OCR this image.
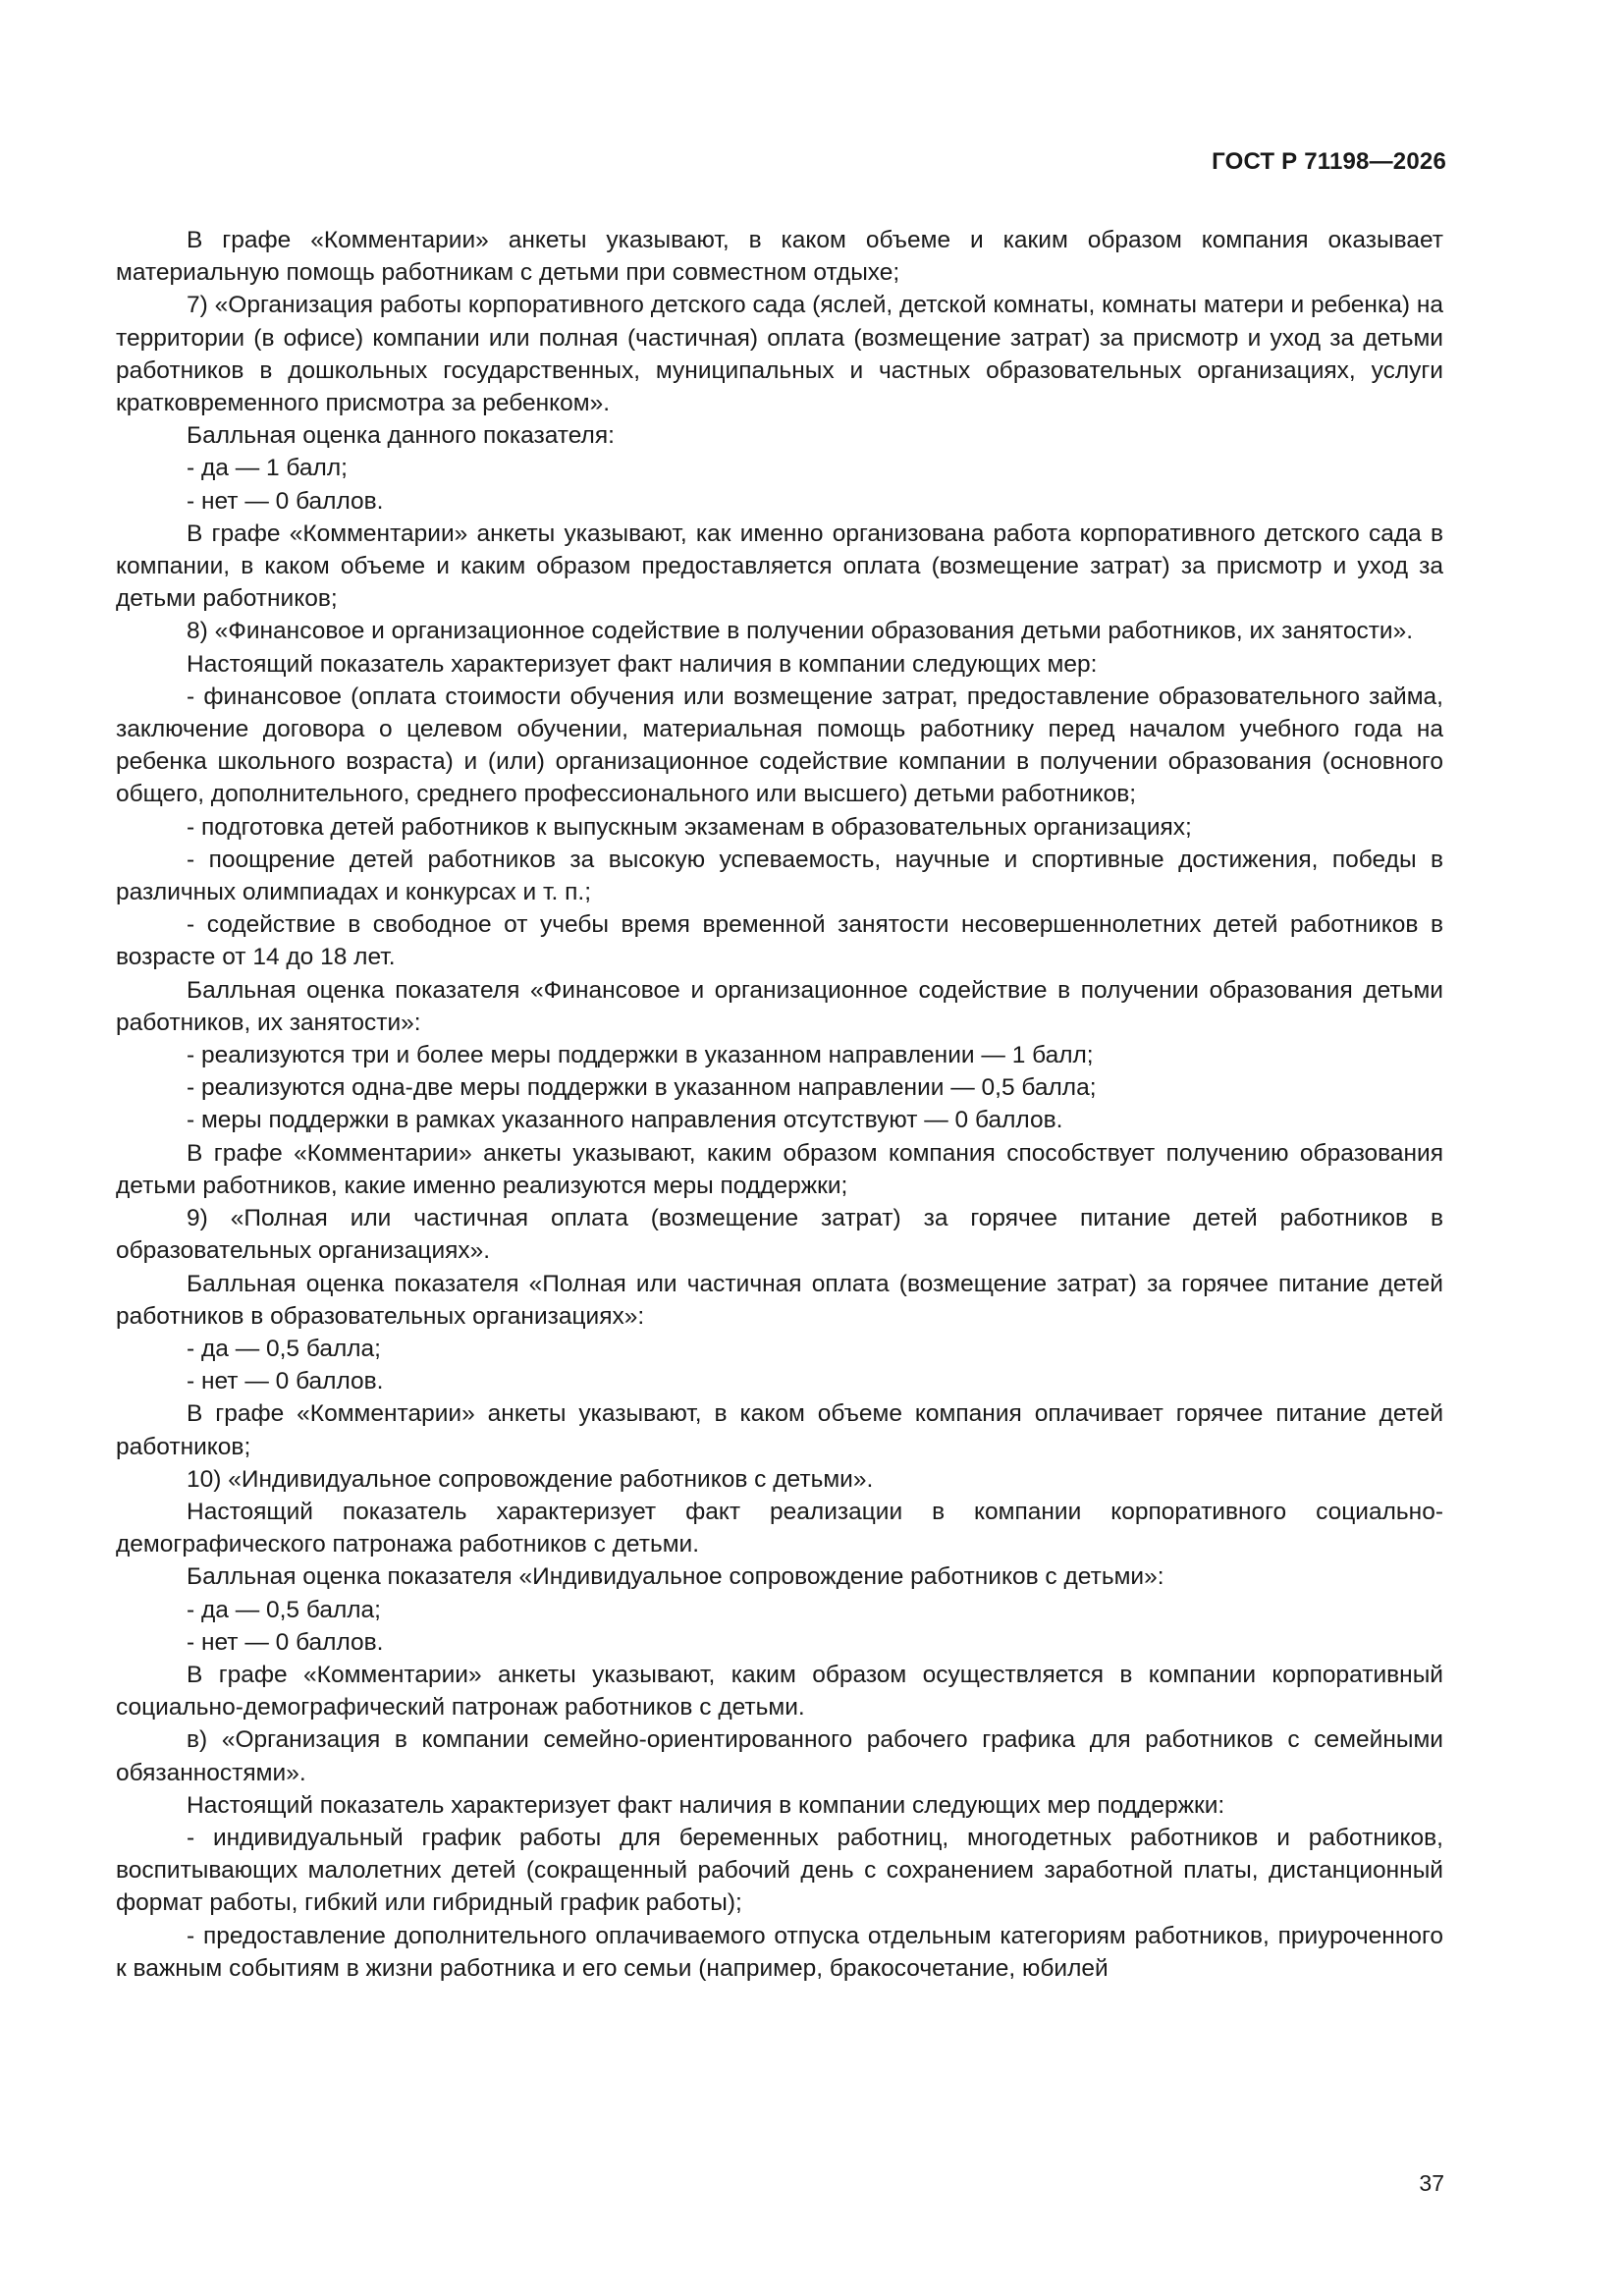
ГОСТ Р 71198—2026

В графе «Комментарии» анкеты указывают, в каком объеме и каким образом компания оказывает материальную помощь работникам с детьми при совместном отдыхе;

7) «Организация работы корпоративного детского сада (яслей, детской комнаты, комнаты матери и ребенка) на территории (в офисе) компании или полная (частичная) оплата (возмещение затрат) за присмотр и уход за детьми работников в дошкольных государственных, муниципальных и частных образовательных организациях, услуги кратковременного присмотра за ребенком».

Балльная оценка данного показателя:

- да — 1 балл;

- нет — 0 баллов.

В графе «Комментарии» анкеты указывают, как именно организована работа корпоративного детского сада в компании, в каком объеме и каким образом предоставляется оплата (возмещение затрат) за присмотр и уход за детьми работников;

8) «Финансовое и организационное содействие в получении образования детьми работников, их занятости».

Настоящий показатель характеризует факт наличия в компании следующих мер:

- финансовое (оплата стоимости обучения или возмещение затрат, предоставление образовательного займа, заключение договора о целевом обучении, материальная помощь работнику перед началом учебного года на ребенка школьного возраста) и (или) организационное содействие компании в получении образования (основного общего, дополнительного, среднего профессионального или высшего) детьми работников;

- подготовка детей работников к выпускным экзаменам в образовательных организациях;

- поощрение детей работников за высокую успеваемость, научные и спортивные достижения, победы в различных олимпиадах и конкурсах и т. п.;

- содействие в свободное от учебы время временной занятости несовершеннолетних детей работников в возрасте от 14 до 18 лет.

Балльная оценка показателя «Финансовое и организационное содействие в получении образования детьми работников, их занятости»:

- реализуются три и более меры поддержки в указанном направлении — 1 балл;

- реализуются одна-две меры поддержки в указанном направлении — 0,5 балла;

- меры поддержки в рамках указанного направления отсутствуют — 0 баллов.

В графе «Комментарии» анкеты указывают, каким образом компания способствует получению образования детьми работников, какие именно реализуются меры поддержки;

9) «Полная или частичная оплата (возмещение затрат) за горячее питание детей работников в образовательных организациях».

Балльная оценка показателя «Полная или частичная оплата (возмещение затрат) за горячее питание детей работников в образовательных организациях»:

- да — 0,5 балла;

- нет — 0 баллов.

В графе «Комментарии» анкеты указывают, в каком объеме компания оплачивает горячее питание детей работников;

10) «Индивидуальное сопровождение работников с детьми».

Настоящий показатель характеризует факт реализации в компании корпоративного социально-демографического патронажа работников с детьми.

Балльная оценка показателя «Индивидуальное сопровождение работников с детьми»:

- да — 0,5 балла;

- нет — 0 баллов.

В графе «Комментарии» анкеты указывают, каким образом осуществляется в компании корпоративный социально-демографический патронаж работников с детьми.

в) «Организация в компании семейно-ориентированного рабочего графика для работников с семейными обязанностями».

Настоящий показатель характеризует факт наличия в компании следующих мер поддержки:

- индивидуальный график работы для беременных работниц, многодетных работников и работников, воспитывающих малолетних детей (сокращенный рабочий день с сохранением заработной платы, дистанционный формат работы, гибкий или гибридный график работы);

- предоставление дополнительного оплачиваемого отпуска отдельным категориям работников, приуроченного к важным событиям в жизни работника и его семьи (например, бракосочетание, юбилей

37
